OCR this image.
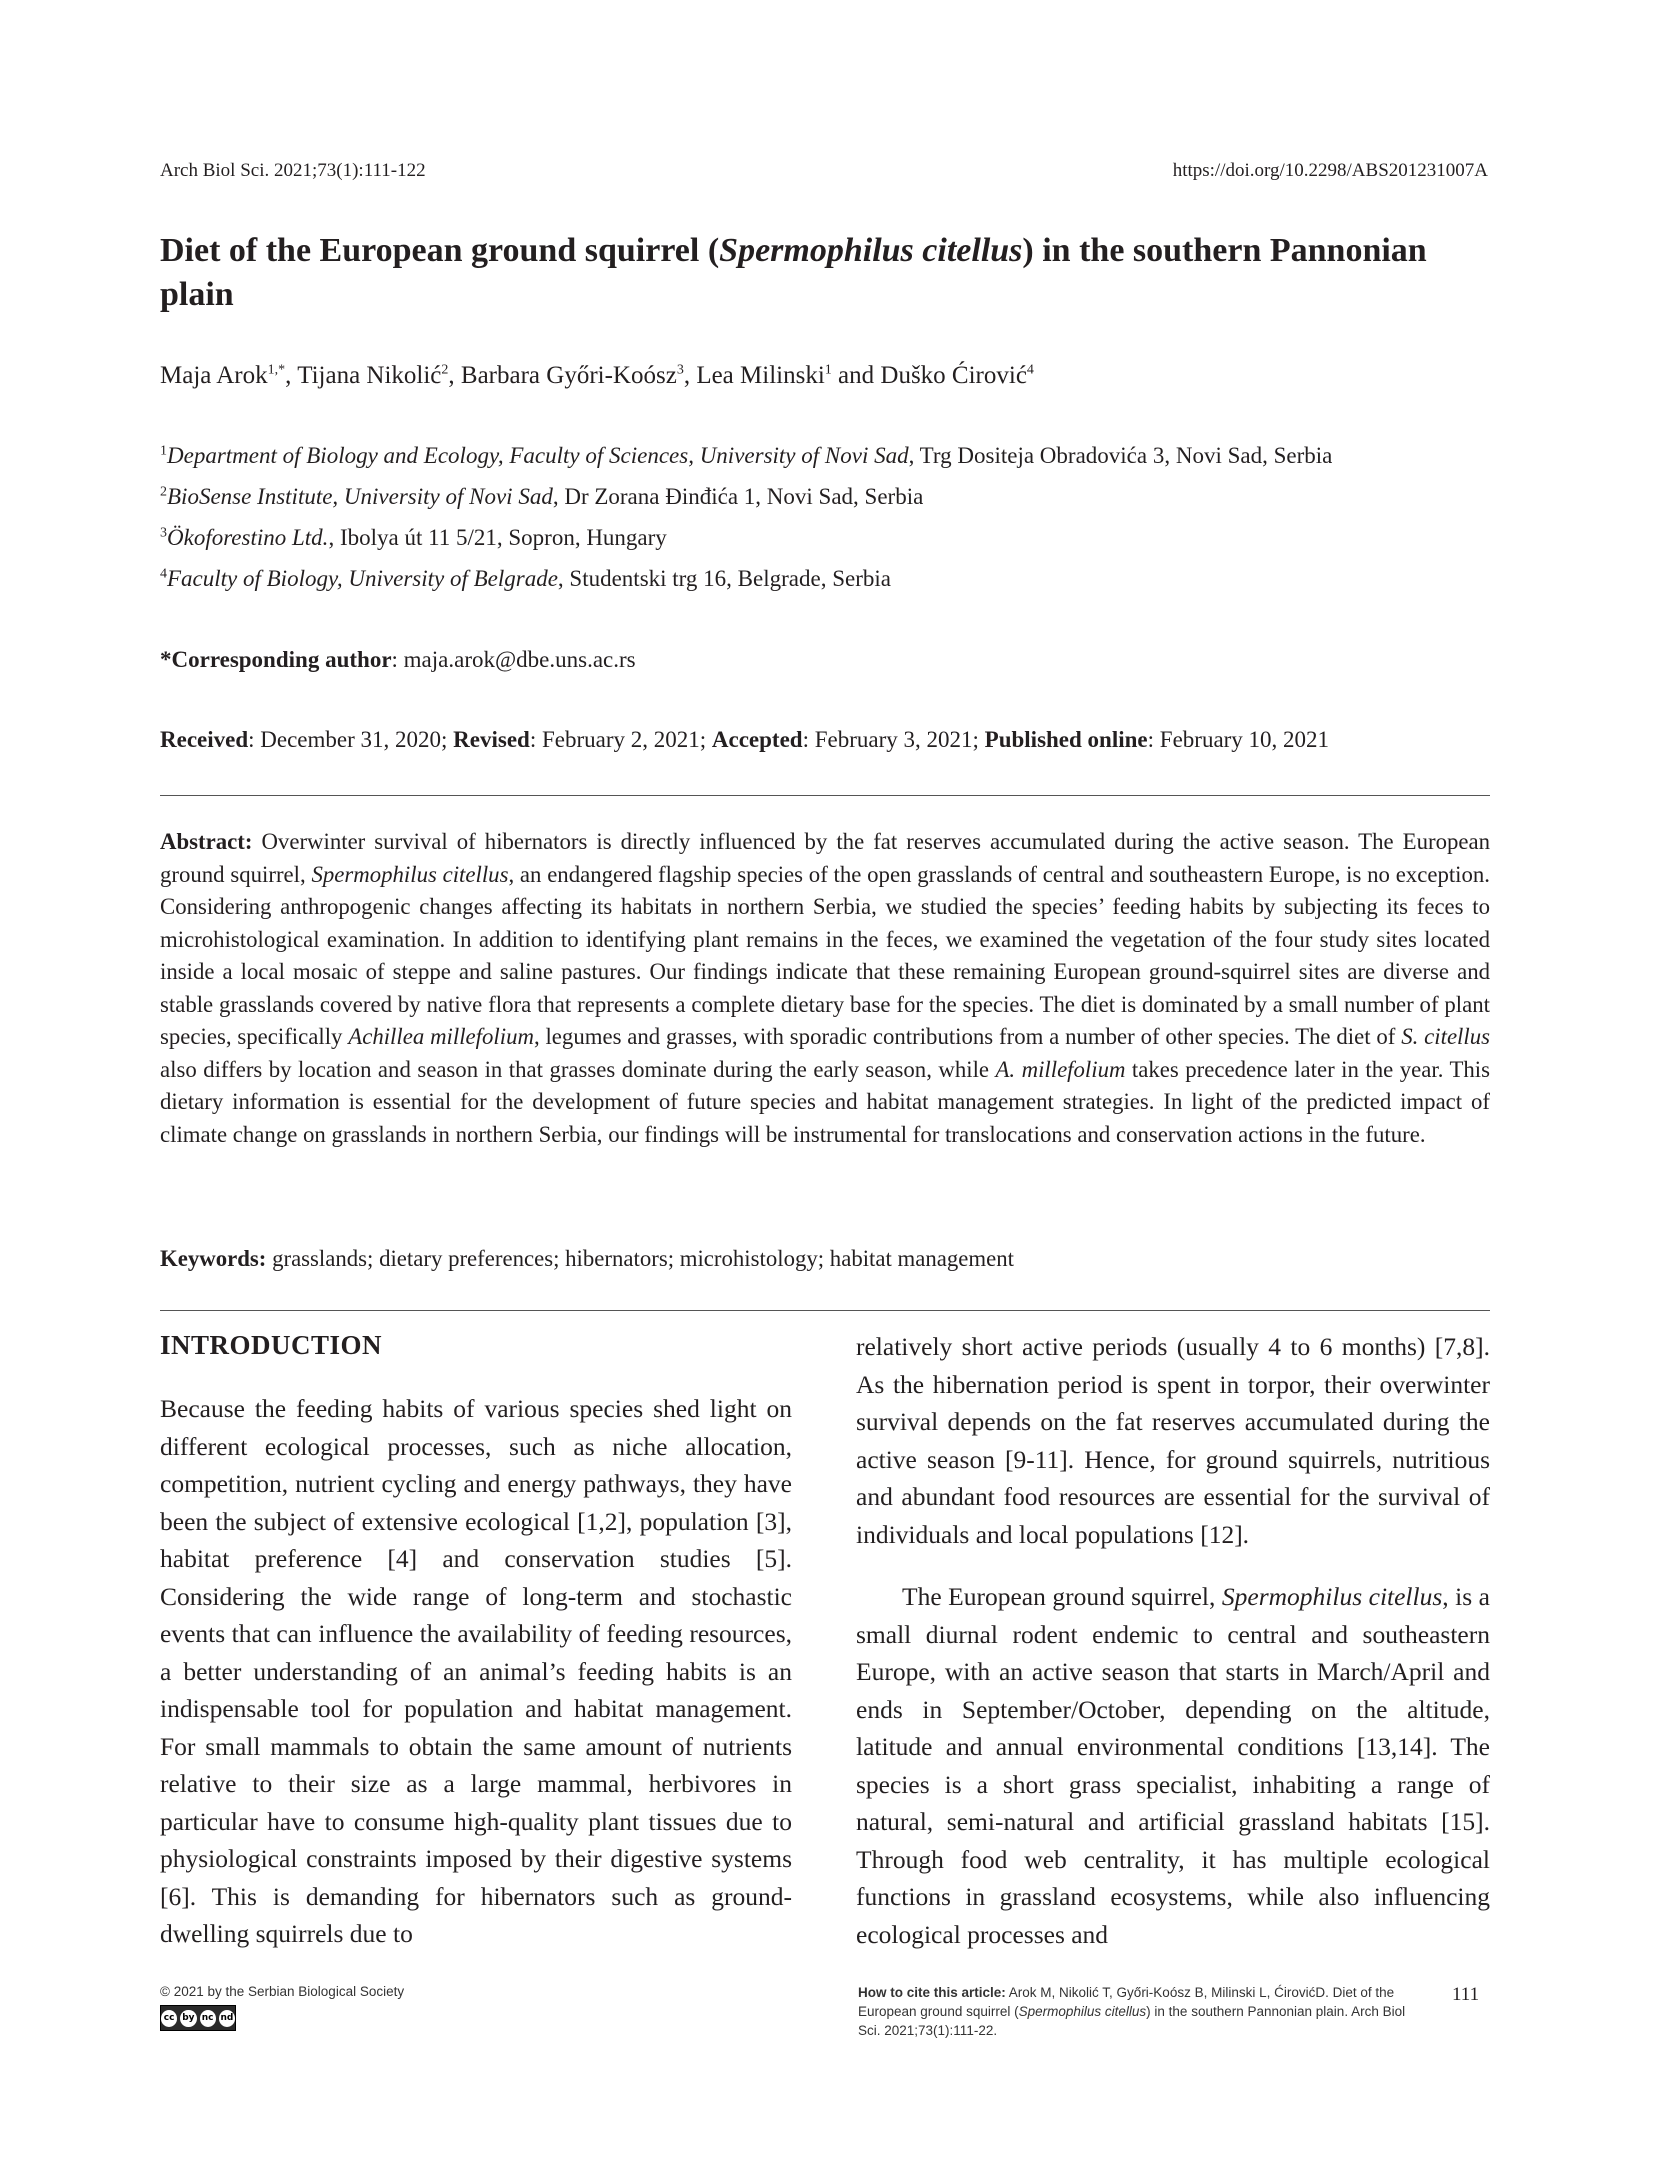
Arch Biol Sci. 2021;73(1):111-122	https://doi.org/10.2298/ABS201231007A
Diet of the European ground squirrel (Spermophilus citellus) in the southern Pannonian plain
Maja Arok$^{1,*}$, Tijana Nikolić$^2$, Barbara Győri-Koósz$^3$, Lea Milinski$^1$ and Duško Ćirović$^4$
$^1$Department of Biology and Ecology, Faculty of Sciences, University of Novi Sad, Trg Dositeja Obradovića 3, Novi Sad, Serbia
$^2$BioSense Institute, University of Novi Sad, Dr Zorana Đinđića 1, Novi Sad, Serbia
$^3$Ökoforestino Ltd., Ibolya út 11 5/21, Sopron, Hungary
$^4$Faculty of Biology, University of Belgrade, Studentski trg 16, Belgrade, Serbia
*Corresponding author: maja.arok@dbe.uns.ac.rs
Received: December 31, 2020; Revised: February 2, 2021; Accepted: February 3, 2021; Published online: February 10, 2021
Abstract: Overwinter survival of hibernators is directly influenced by the fat reserves accumulated during the active season. The European ground squirrel, Spermophilus citellus, an endangered flagship species of the open grasslands of central and southeastern Europe, is no exception. Considering anthropogenic changes affecting its habitats in northern Serbia, we studied the species’ feeding habits by subjecting its feces to microhistological examination. In addition to identifying plant remains in the feces, we examined the vegetation of the four study sites located inside a local mosaic of steppe and saline pastures. Our findings indicate that these remaining European ground-squirrel sites are diverse and stable grasslands covered by native flora that represents a complete dietary base for the species. The diet is dominated by a small number of plant species, specifically Achillea millefolium, legumes and grasses, with sporadic contributions from a number of other species. The diet of S. citellus also differs by location and season in that grasses dominate during the early season, while A. millefolium takes precedence later in the year. This dietary information is essential for the development of future species and habitat management strategies. In light of the predicted impact of climate change on grasslands in northern Serbia, our findings will be instrumental for translocations and conservation actions in the future.
Keywords: grasslands; dietary preferences; hibernators; microhistology; habitat management
INTRODUCTION

Because the feeding habits of various species shed light on different ecological processes, such as niche allocation, competition, nutrient cycling and energy pathways, they have been the subject of extensive ecological [1,2], population [3], habitat preference [4] and conservation studies [5]. Considering the wide range of long-term and stochastic events that can influence the availability of feeding resources, a better understanding of an animal’s feeding habits is an indispensable tool for population and habitat management. For small mammals to obtain the same amount of nutrients relative to their size as a large mammal, herbivores in particular have to consume high-quality plant tissues due to physiological constraints imposed by their digestive systems [6]. This is demanding for hibernators such as ground-dwelling squirrels due to

relatively short active periods (usually 4 to 6 months) [7,8]. As the hibernation period is spent in torpor, their overwinter survival depends on the fat reserves accumulated during the active season [9-11]. Hence, for ground squirrels, nutritious and abundant food resources are essential for the survival of individuals and local populations [12].

The European ground squirrel, Spermophilus citellus, is a small diurnal rodent endemic to central and southeastern Europe, with an active season that starts in March/April and ends in September/October, depending on the altitude, latitude and annual environmental conditions [13,14]. The species is a short grass specialist, inhabiting a range of natural, semi-natural and artificial grassland habitats [15]. Through food web centrality, it has multiple ecological functions in grassland ecosystems, while also influencing ecological processes and

© 2021 by the Serbian Biological Society
cc by nc nd
How to cite this article: Arok M, Nikolić T, Győri-Koósz B, Milinski L, ĆirovićD. Diet of the European ground squirrel (Spermophilus citellus) in the southern Pannonian plain. Arch Biol Sci. 2021;73(1):111-22.
111
